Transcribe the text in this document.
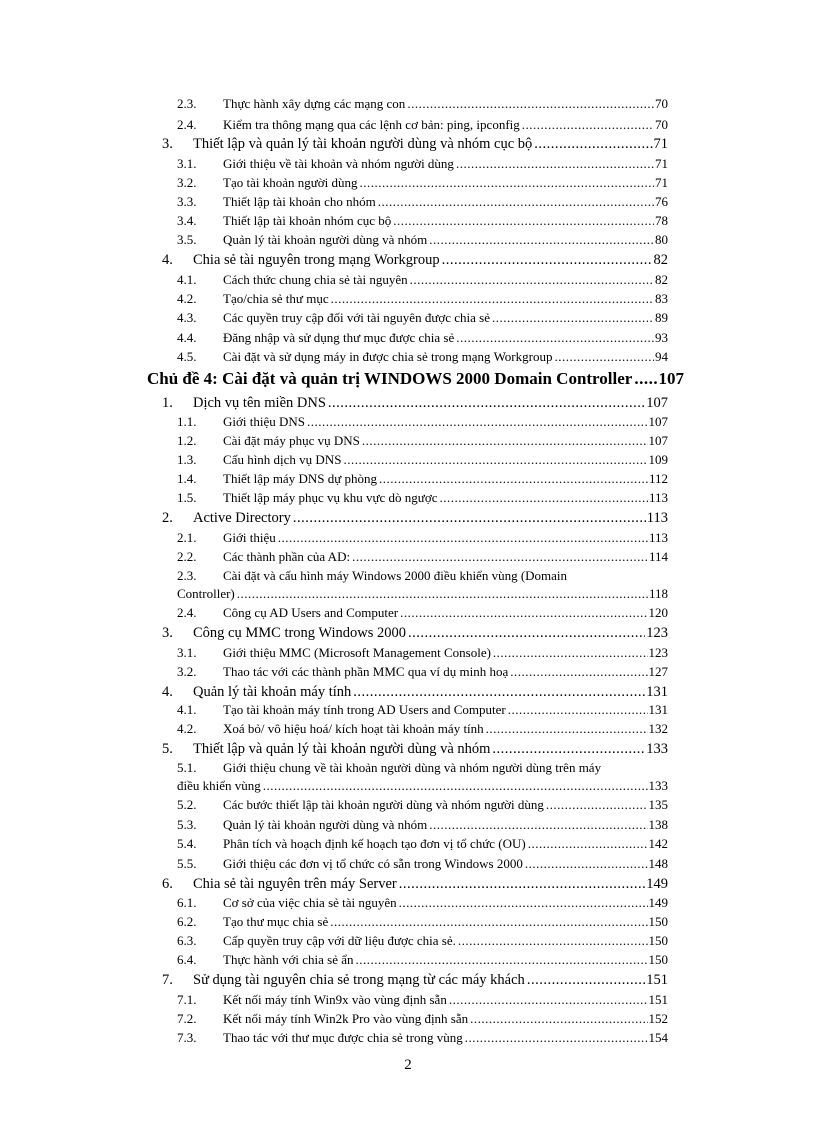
2.3. Thực hành xây dựng các mạng con .....	70
2.4. Kiểm tra thông mạng qua các lệnh cơ bản: ping, ipconfig .....	70
3. Thiết lập và quản lý tài khoản người dùng và nhóm cục bộ .....	71
3.1. Giới thiệu về tài khoản và nhóm người dùng .....	71
3.2. Tạo tài khoản người dùng .....	71
3.3. Thiết lập tài khoản cho nhóm .....	76
3.4. Thiết lập tài khoản nhóm cục bộ .....	78
3.5. Quản lý tài khoản người dùng và nhóm .....	80
4. Chia sẻ tài nguyên trong mạng Workgroup .....	82
4.1. Cách thức chung chia sẻ tài nguyên .....	82
4.2. Tạo/chia sẻ thư mục .....	83
4.3. Các quyền truy cập đối với tài nguyên được chia sẻ .....	89
4.4. Đăng nhập và sử dụng thư mục được chia sẻ .....	93
4.5. Cài đặt và sử dụng máy in được chia sẻ trong mạng Workgroup .....	94
Chủ đề 4: Cài đặt và quản trị WINDOWS 2000 Domain Controller ..... 107
1. Dịch vụ tên miền DNS .....	107
1.1. Giới thiệu DNS .....	107
1.2. Cài đặt máy phục vụ DNS .....	107
1.3. Cấu hình dịch vụ DNS .....	109
1.4. Thiết lập máy DNS dự phòng .....	112
1.5. Thiết lập máy phục vụ khu vực dò ngược .....	113
2. Active Directory .....	113
2.1. Giới thiệu .....	113
2.2. Các thành phần của AD: .....	114
2.3. Cài đặt và cấu hình máy Windows 2000 điều khiển vùng (Domain
Controller) .....	118
2.4. Công cụ AD Users and Computer .....	120
3. Công cụ MMC trong Windows 2000 .....	123
3.1. Giới thiệu MMC (Microsoft Management Console) .....	123
3.2. Thao tác với các thành phần MMC qua ví dụ minh hoạ .....	127
4. Quản lý tài khoản máy tính .....	131
4.1. Tạo tài khoản máy tính trong AD Users and Computer .....	131
4.2. Xoá bỏ/ vô hiệu hoá/ kích hoạt tài khoản máy tính .....	132
5. Thiết lập và quản lý tài khoản người dùng và nhóm .....	133
5.1. Giới thiệu chung về tài khoản người dùng và nhóm người dùng trên máy
điều khiển vùng .....	133
5.2. Các bước thiết lập tài khoản người dùng và nhóm người dùng .....	135
5.3. Quản lý tài khoản người dùng và nhóm .....	138
5.4. Phân tích và hoạch định kế hoạch tạo đơn vị tổ chức (OU) .....	142
5.5. Giới thiệu các đơn vị tổ chức có sẵn trong Windows 2000 .....	148
6. Chia sẻ tài nguyên trên máy Server .....	149
6.1. Cơ sở của việc chia sẻ tài nguyên .....	149
6.2. Tạo thư mục chia sẻ .....	150
6.3. Cấp quyền truy cập với dữ liệu được chia sẻ. .....	150
6.4. Thực hành với chia sẻ ẩn .....	150
7. Sử dụng tài nguyên chia sẻ trong mạng từ các máy khách .....	151
7.1. Kết nối máy tính Win9x vào vùng định sẵn .....	151
7.2. Kết nối máy tính Win2k Pro vào vùng định sẵn .....	152
7.3. Thao tác với thư mục được chia sẻ trong vùng .....	154
2
